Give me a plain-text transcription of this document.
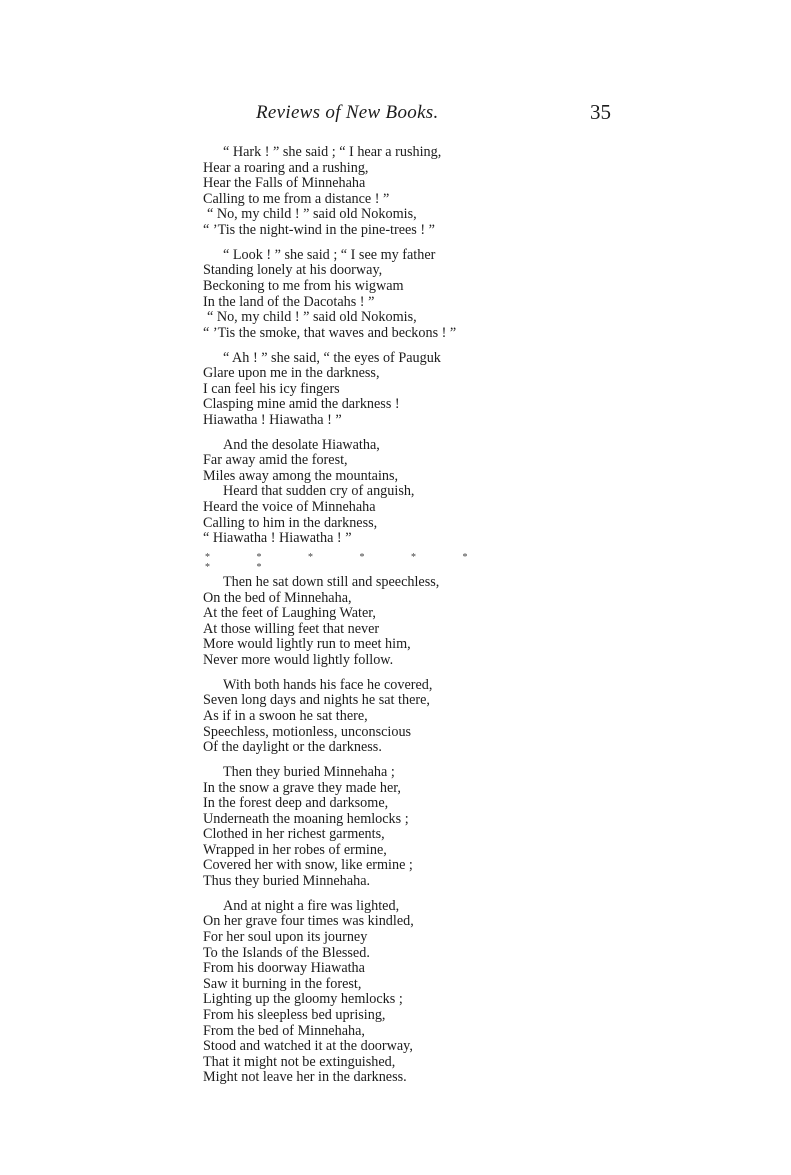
Reviews of New Books.	35
“ Hark ! ” she said ; “ I hear a rushing,
Hear a roaring and a rushing,
Hear the Falls of Minnehaha
Calling to me from a distance ! ”
“ No, my child ! ” said old Nokomis,
“ ’Tis the night-wind in the pine-trees ! ”
“ Look ! ” she said ; “ I see my father
Standing lonely at his doorway,
Beckoning to me from his wigwam
In the land of the Dacotahs ! ”
“ No, my child ! ” said old Nokomis,
“ ’Tis the smoke, that waves and beckons ! ”
“ Ah ! ” she said, “ the eyes of Pauguk
Glare upon me in the darkness,
I can feel his icy fingers
Clasping mine amid the darkness !
Hiawatha ! Hiawatha ! ”
And the desolate Hiawatha,
Far away amid the forest,
Miles away among the mountains,
Heard that sudden cry of anguish,
Heard the voice of Minnehaha
Calling to him in the darkness,
“ Hiawatha ! Hiawatha ! ”
* * * * * * * *
Then he sat down still and speechless,
On the bed of Minnehaha,
At the feet of Laughing Water,
At those willing feet that never
More would lightly run to meet him,
Never more would lightly follow.
With both hands his face he covered,
Seven long days and nights he sat there,
As if in a swoon he sat there,
Speechless, motionless, unconscious
Of the daylight or the darkness.
Then they buried Minnehaha ;
In the snow a grave they made her,
In the forest deep and darksome,
Underneath the moaning hemlocks ;
Clothed in her richest garments,
Wrapped in her robes of ermine,
Covered her with snow, like ermine ;
Thus they buried Minnehaha.
And at night a fire was lighted,
On her grave four times was kindled,
For her soul upon its journey
To the Islands of the Blessed.
From his doorway Hiawatha
Saw it burning in the forest,
Lighting up the gloomy hemlocks ;
From his sleepless bed uprising,
From the bed of Minnehaha,
Stood and watched it at the doorway,
That it might not be extinguished,
Might not leave her in the darkness.
